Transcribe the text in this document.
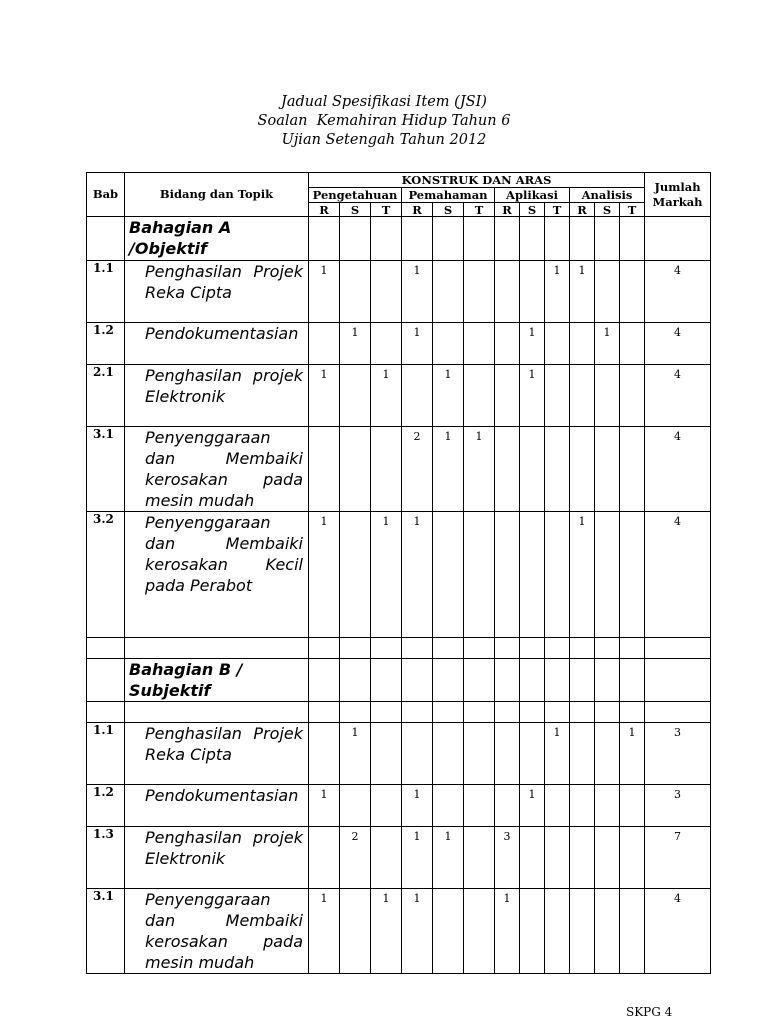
Jadual Spesifikasi Item (JSI)
Soalan  Kemahiran Hidup Tahun 6
Ujian Setengah Tahun 2012
Bab	Bidang dan Topik	KONSTRUK DAN ARAS												Jumlah Markah
		Pengetahuan			Pemahaman			Aplikasi			Analisis			
		R	S	T	R	S	T	R	S	T	R	S	T	
	Bahagian A /Objektif													
1.1	Penghasilan Projek Reka Cipta	1			1					1	1			4
1.2	Pendokumentasian		1		1				1			1		4
2.1	Penghasilan projek Elektronik	1		1		1			1					4
3.1	Penyenggaraan dan Membaiki kerosakan pada mesin mudah				2	1	1							4
3.2	Penyenggaraan dan Membaiki kerosakan Kecil pada Perabot	1		1	1						1			4

	Bahagian B / Subjektif													

1.1	Penghasilan Projek Reka Cipta		1							1			1	3
1.2	Pendokumentasian	1			1				1					3
1.3	Penghasilan projek Elektronik		2		1	1		3						7
3.1	Penyenggaraan dan Membaiki kerosakan pada mesin mudah	1		1	1			1						4
SKPG 4
